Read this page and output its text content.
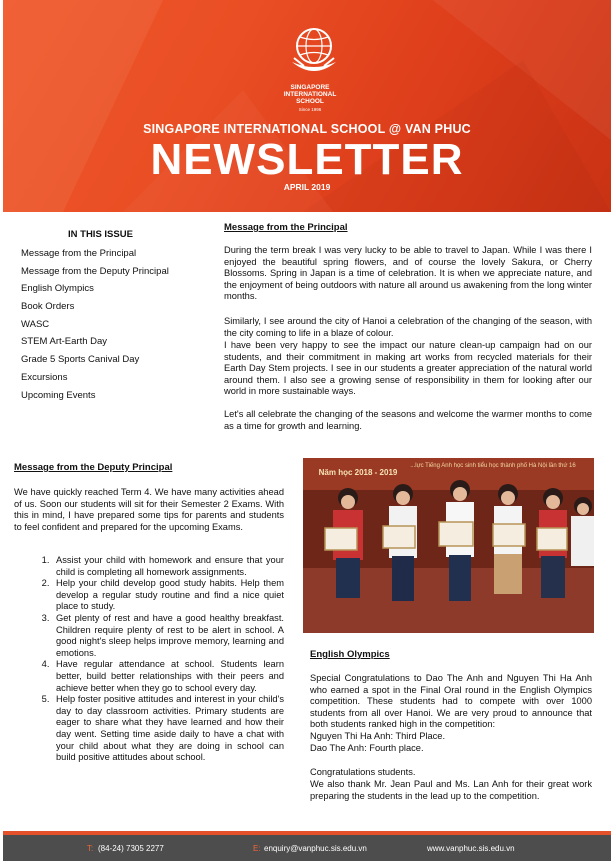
SINGAPORE
INTERNATIONAL
SCHOOL
Since 1996
SINGAPORE INTERNATIONAL SCHOOL @ VAN PHUC
NEWSLETTER
APRIL 2019
IN THIS ISSUE
Message from the Principal
Message from the Deputy Principal
English Olympics
Book Orders
WASC
STEM Art-Earth Day
Grade 5 Sports Canival Day
Excursions
Upcoming Events
Message from the Principal

During the term break I was very lucky to be able to travel to Japan. While I was there I enjoyed the beautiful spring flowers, and of course the lovely Sakura, or Cherry Blossoms. Spring in Japan is a time of celebration. It is when we appreciate nature, and the enjoyment of being outdoors with nature all around us awakening from the long winter months.

Similarly, I see around the city of Hanoi a celebration of the changing of the season, with the city coming to life in a blaze of colour.

I have been very happy to see the impact our nature clean-up campaign had on our students, and their commitment in making art works from recycled materials for their Earth Day Stem projects. I see in our students a greater appreciation of the natural world around them. I also see a growing sense of responsibility in them for looking after our world in more sustainable ways.

Let's all celebrate the changing of the seasons and welcome the warmer months to come as a time for growth and learning.

Message from the Deputy Principal

We have quickly reached Term 4. We have many activities ahead of us. Soon our students will sit for their Semester 2 Exams. With this in mind, I have prepared some tips for parents and students to feel confident and prepared for the upcoming Exams.

1. Assist your child with homework and ensure that your child is completing all homework assignments.
2. Help your child develop good study habits. Help them develop a regular study routine and find a nice quiet place to study.
3. Get plenty of rest and have a good healthy breakfast. Children require plenty of rest to be alert in school. A good night's sleep helps improve memory, learning and emotions.
4. Have regular attendance at school. Students learn better, build better relationships with their peers and achieve better when they go to school every day.
5. Help foster positive attitudes and interest in your child's day to day classroom activities. Primary students are eager to share what they have learned and how their day went. Setting time aside daily to have a chat with your child about what they are doing in school can build positive attitudes about school.
...lực Tiếng Anh học sinh tiểu học thành phố Hà Nội lần thứ 16
Năm học 2018 - 2019
English Olympics

Special Congratulations to Dao The Anh and Nguyen Thi Ha Anh who earned a spot in the Final Oral round in the English Olympics competition. These students had to compete with over 1000 students from all over Hanoi. We are very proud to announce that both students ranked high in the competition:

Nguyen Thi Ha Anh: Third Place.

Dao The Anh: Fourth place.

Congratulations students.

We also thank Mr. Jean Paul and Ms. Lan Anh for their great work preparing the students in the lead up to the competition.

T: (84-24) 7305 2277	E: enquiry@vanphuc.sis.edu.vn	www.vanphuc.sis.edu.vn
